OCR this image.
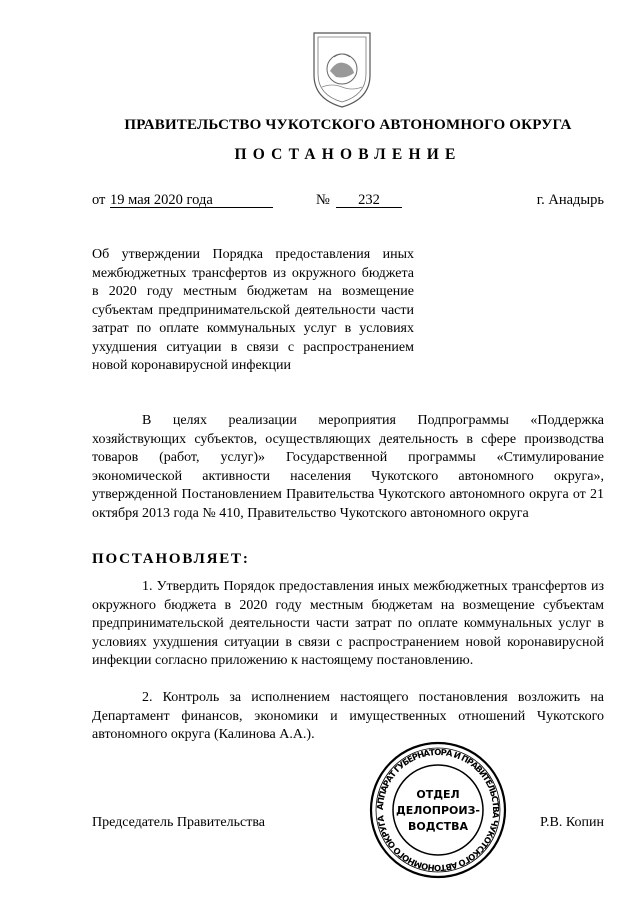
ПРАВИТЕЛЬСТВО ЧУКОТСКОГО АВТОНОМНОГО ОКРУГА
ПОСТАНОВЛЕНИЕ
от 19 мая 2020 года	№	232	г. Анадырь
Об утверждении Порядка предоставления иных межбюджетных трансфертов из окружного бюджета в 2020 году местным бюджетам на возмещение субъектам предпринимательской деятельности части затрат по оплате коммунальных услуг в условиях ухудшения ситуации в связи с распространением новой коронавирусной инфекции

В целях реализации мероприятия Подпрограммы «Поддержка хозяйствующих субъектов, осуществляющих деятельность в сфере производства товаров (работ, услуг)» Государственной программы «Стимулирование экономической активности населения Чукотского автономного округа», утвержденной Постановлением Правительства Чукотского автономного округа от 21 октября 2013 года № 410, Правительство Чукотского автономного округа

ПОСТАНОВЛЯЕТ:

1. Утвердить Порядок предоставления иных межбюджетных трансфертов из окружного бюджета в 2020 году местным бюджетам на возмещение субъектам предпринимательской деятельности части затрат по оплате коммунальных услуг в условиях ухудшения ситуации в связи с распространением новой коронавирусной инфекции согласно приложению к настоящему постановлению.

2. Контроль за исполнением настоящего постановления возложить на Департамент финансов, экономики и имущественных отношений Чукотского автономного округа (Калинова А.А.).

Председатель Правительства	Р.В. Копин
АППАРАТ ГУБЕРНАТОРА И ПРАВИТЕЛЬСТВА ЧУКОТСКОГО АВТОНОМНОГО ОКРУГА
ОТДЕЛ
ДЕЛОПРОИЗ-
ВОДСТВА
